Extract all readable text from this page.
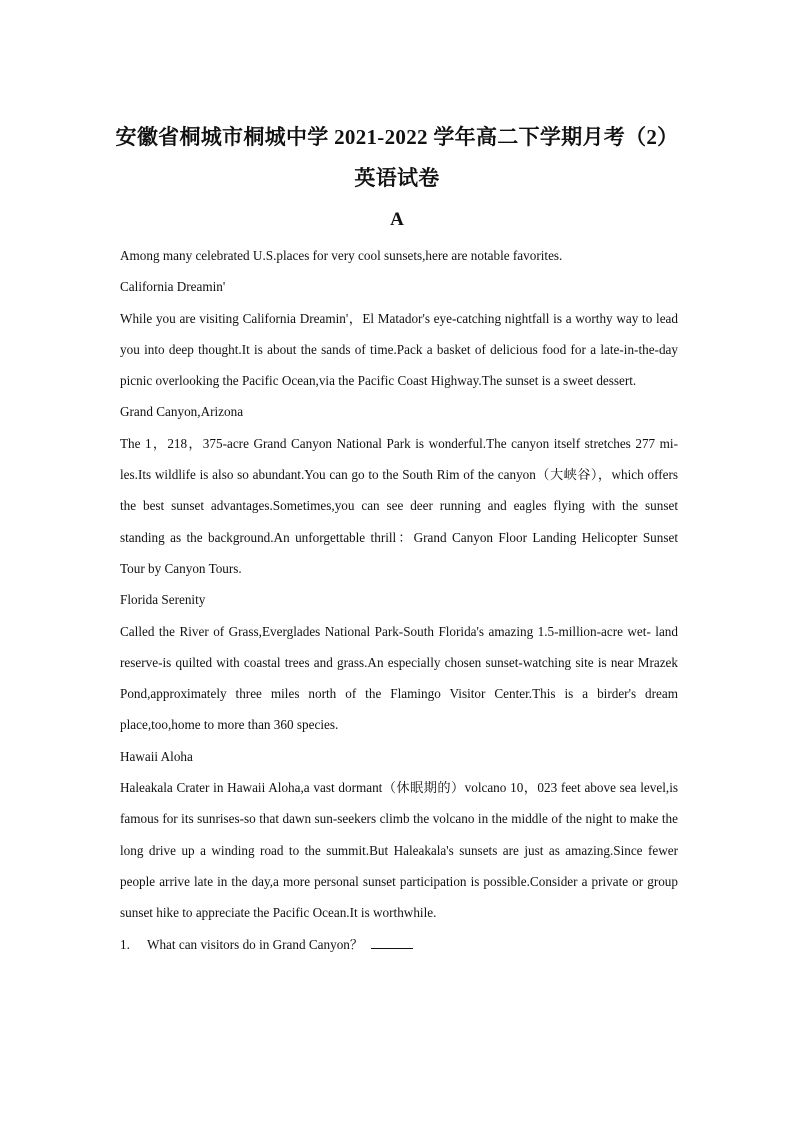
安徽省桐城市桐城中学 2021-2022 学年高二下学期月考（2）
英语试卷
A

Among many celebrated U.S.places for very cool sunsets,here are notable favorites.

California Dreamin'

While you are visiting California Dreamin'，El Matador's eye-catching nightfall is a worthy way to lead you into deep thought.It is about the sands of time.Pack a basket of delicious food for a late-in-the-day picnic overlooking the Pacific Ocean,via the Pacific Coast Highway.The sunset is a sweet dessert.

Grand Canyon,Arizona

The 1，218，375-acre Grand Canyon National Park is wonderful.The canyon itself stretches 277 mi- les.Its wildlife is also so abundant.You can go to the South Rim of the canyon（大峡谷），which offers the best sunset advantages.Sometimes,you can see deer running and eagles flying with the sunset standing as the background.An unforgettable thrill：Grand Canyon Floor Landing Helicopter Sunset Tour by Canyon Tours.

Florida Serenity

Called the River of Grass,Everglades National Park-South Florida's amazing 1.5-million-acre wet- land reserve-is quilted with coastal trees and grass.An especially chosen sunset-watching site is near Mrazek Pond,approximately three miles north of the Flamingo Visitor Center.This is a birder's dream place,too,home to more than 360 species.

Hawaii Aloha

Haleakala Crater in Hawaii Aloha,a vast dormant（休眠期的）volcano 10，023 feet above sea level,is famous for its sunrises-so that dawn sun-seekers climb the volcano in the middle of the night to make the long drive up a winding road to the summit.But Haleakala's sunsets are just as amazing.Since fewer people arrive late in the day,a more personal sunset participation is possible.Consider a private or group sunset hike to appreciate the Pacific Ocean.It is worthwhile.

1.	What can visitors do in Grand Canyon？
